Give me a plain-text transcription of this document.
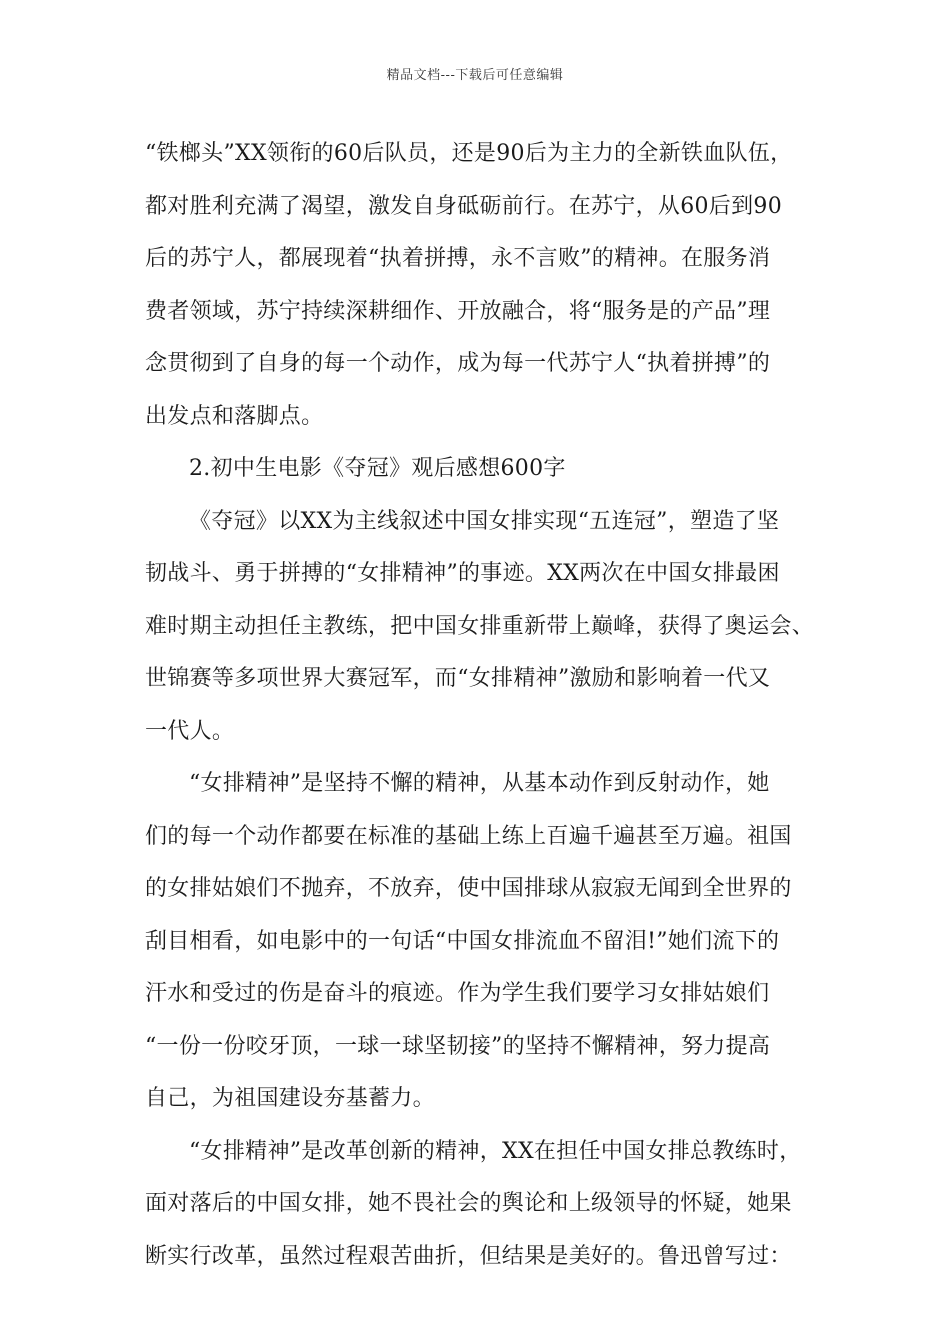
精品文档---下载后可任意编辑
“铁榔头”XX领衔的60后队员，还是90后为主力的全新铁血队伍，
都对胜利充满了渴望，激发自身砥砺前行。在苏宁，从60后到90
后的苏宁人，都展现着“执着拼搏，永不言败”的精神。在服务消
费者领域，苏宁持续深耕细作、开放融合，将“服务是的产品”理
念贯彻到了自身的每一个动作，成为每一代苏宁人“执着拼搏”的
出发点和落脚点。
2.初中生电影《夺冠》观后感想600字
《夺冠》以XX为主线叙述中国女排实现“五连冠”，塑造了坚
韧战斗、勇于拼搏的“女排精神”的事迹。XX两次在中国女排最困
难时期主动担任主教练，把中国女排重新带上巅峰，获得了奥运会、
世锦赛等多项世界大赛冠军，而“女排精神”激励和影响着一代又
一代人。
“女排精神”是坚持不懈的精神，从基本动作到反射动作，她
们的每一个动作都要在标准的基础上练上百遍千遍甚至万遍。祖国
的女排姑娘们不抛弃，不放弃，使中国排球从寂寂无闻到全世界的
刮目相看，如电影中的一句话“中国女排流血不留泪!”她们流下的
汗水和受过的伤是奋斗的痕迹。作为学生我们要学习女排姑娘们
“一份一份咬牙顶，一球一球坚韧接”的坚持不懈精神，努力提高
自己，为祖国建设夯基蓄力。
“女排精神”是改革创新的精神，XX在担任中国女排总教练时，
面对落后的中国女排，她不畏社会的舆论和上级领导的怀疑，她果
断实行改革，虽然过程艰苦曲折，但结果是美好的。鲁迅曾写过：
